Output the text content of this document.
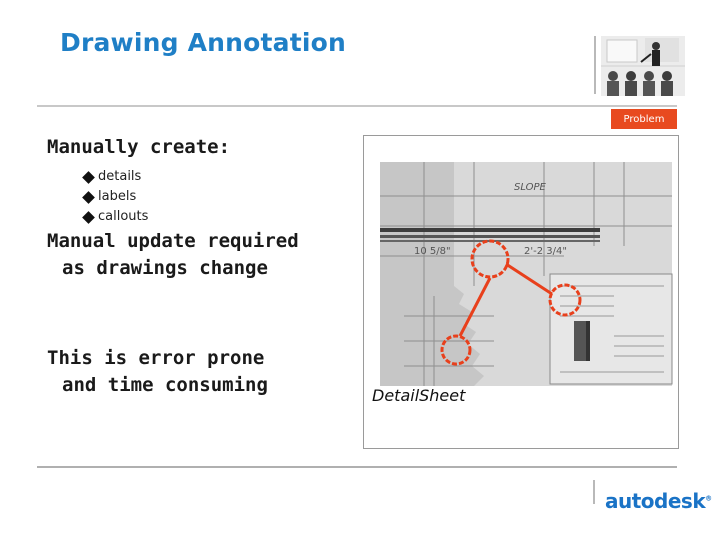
Drawing Annotation
Problem
Manually create:
details
labels
callouts
Manual update required as drawings change
This is error prone and time consuming
SLOPE
10 5/8"	2'-2 3/4"
DetailSheet
autodesk®
